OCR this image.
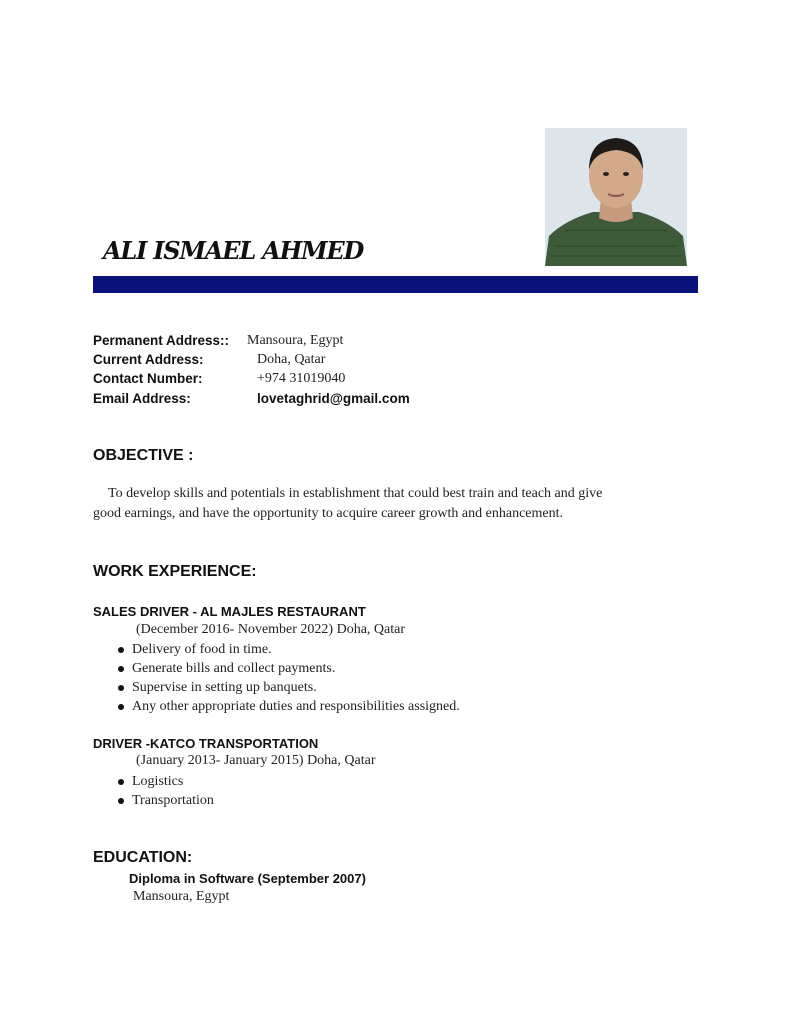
ALI ISMAEL AHMED
Permanent Address:: Mansoura, Egypt
Current Address:	Doha, Qatar
Contact Number:	+974 31019040
Email Address:	lovetaghrid@gmail.com
OBJECTIVE :
To develop skills and potentials in establishment that could best train and teach and give
good earnings, and have the opportunity to acquire career growth and enhancement.
WORK EXPERIENCE:
SALES DRIVER - AL MAJLES RESTAURANT
(December 2016- November 2022) Doha, Qatar
Delivery of food in time.
Generate bills and collect payments.
Supervise in setting up banquets.
Any other appropriate duties and responsibilities assigned.
DRIVER -KATCO TRANSPORTATION
(January 2013- January 2015) Doha, Qatar
Logistics
Transportation
EDUCATION:
Diploma in Software (September 2007)
Mansoura, Egypt
